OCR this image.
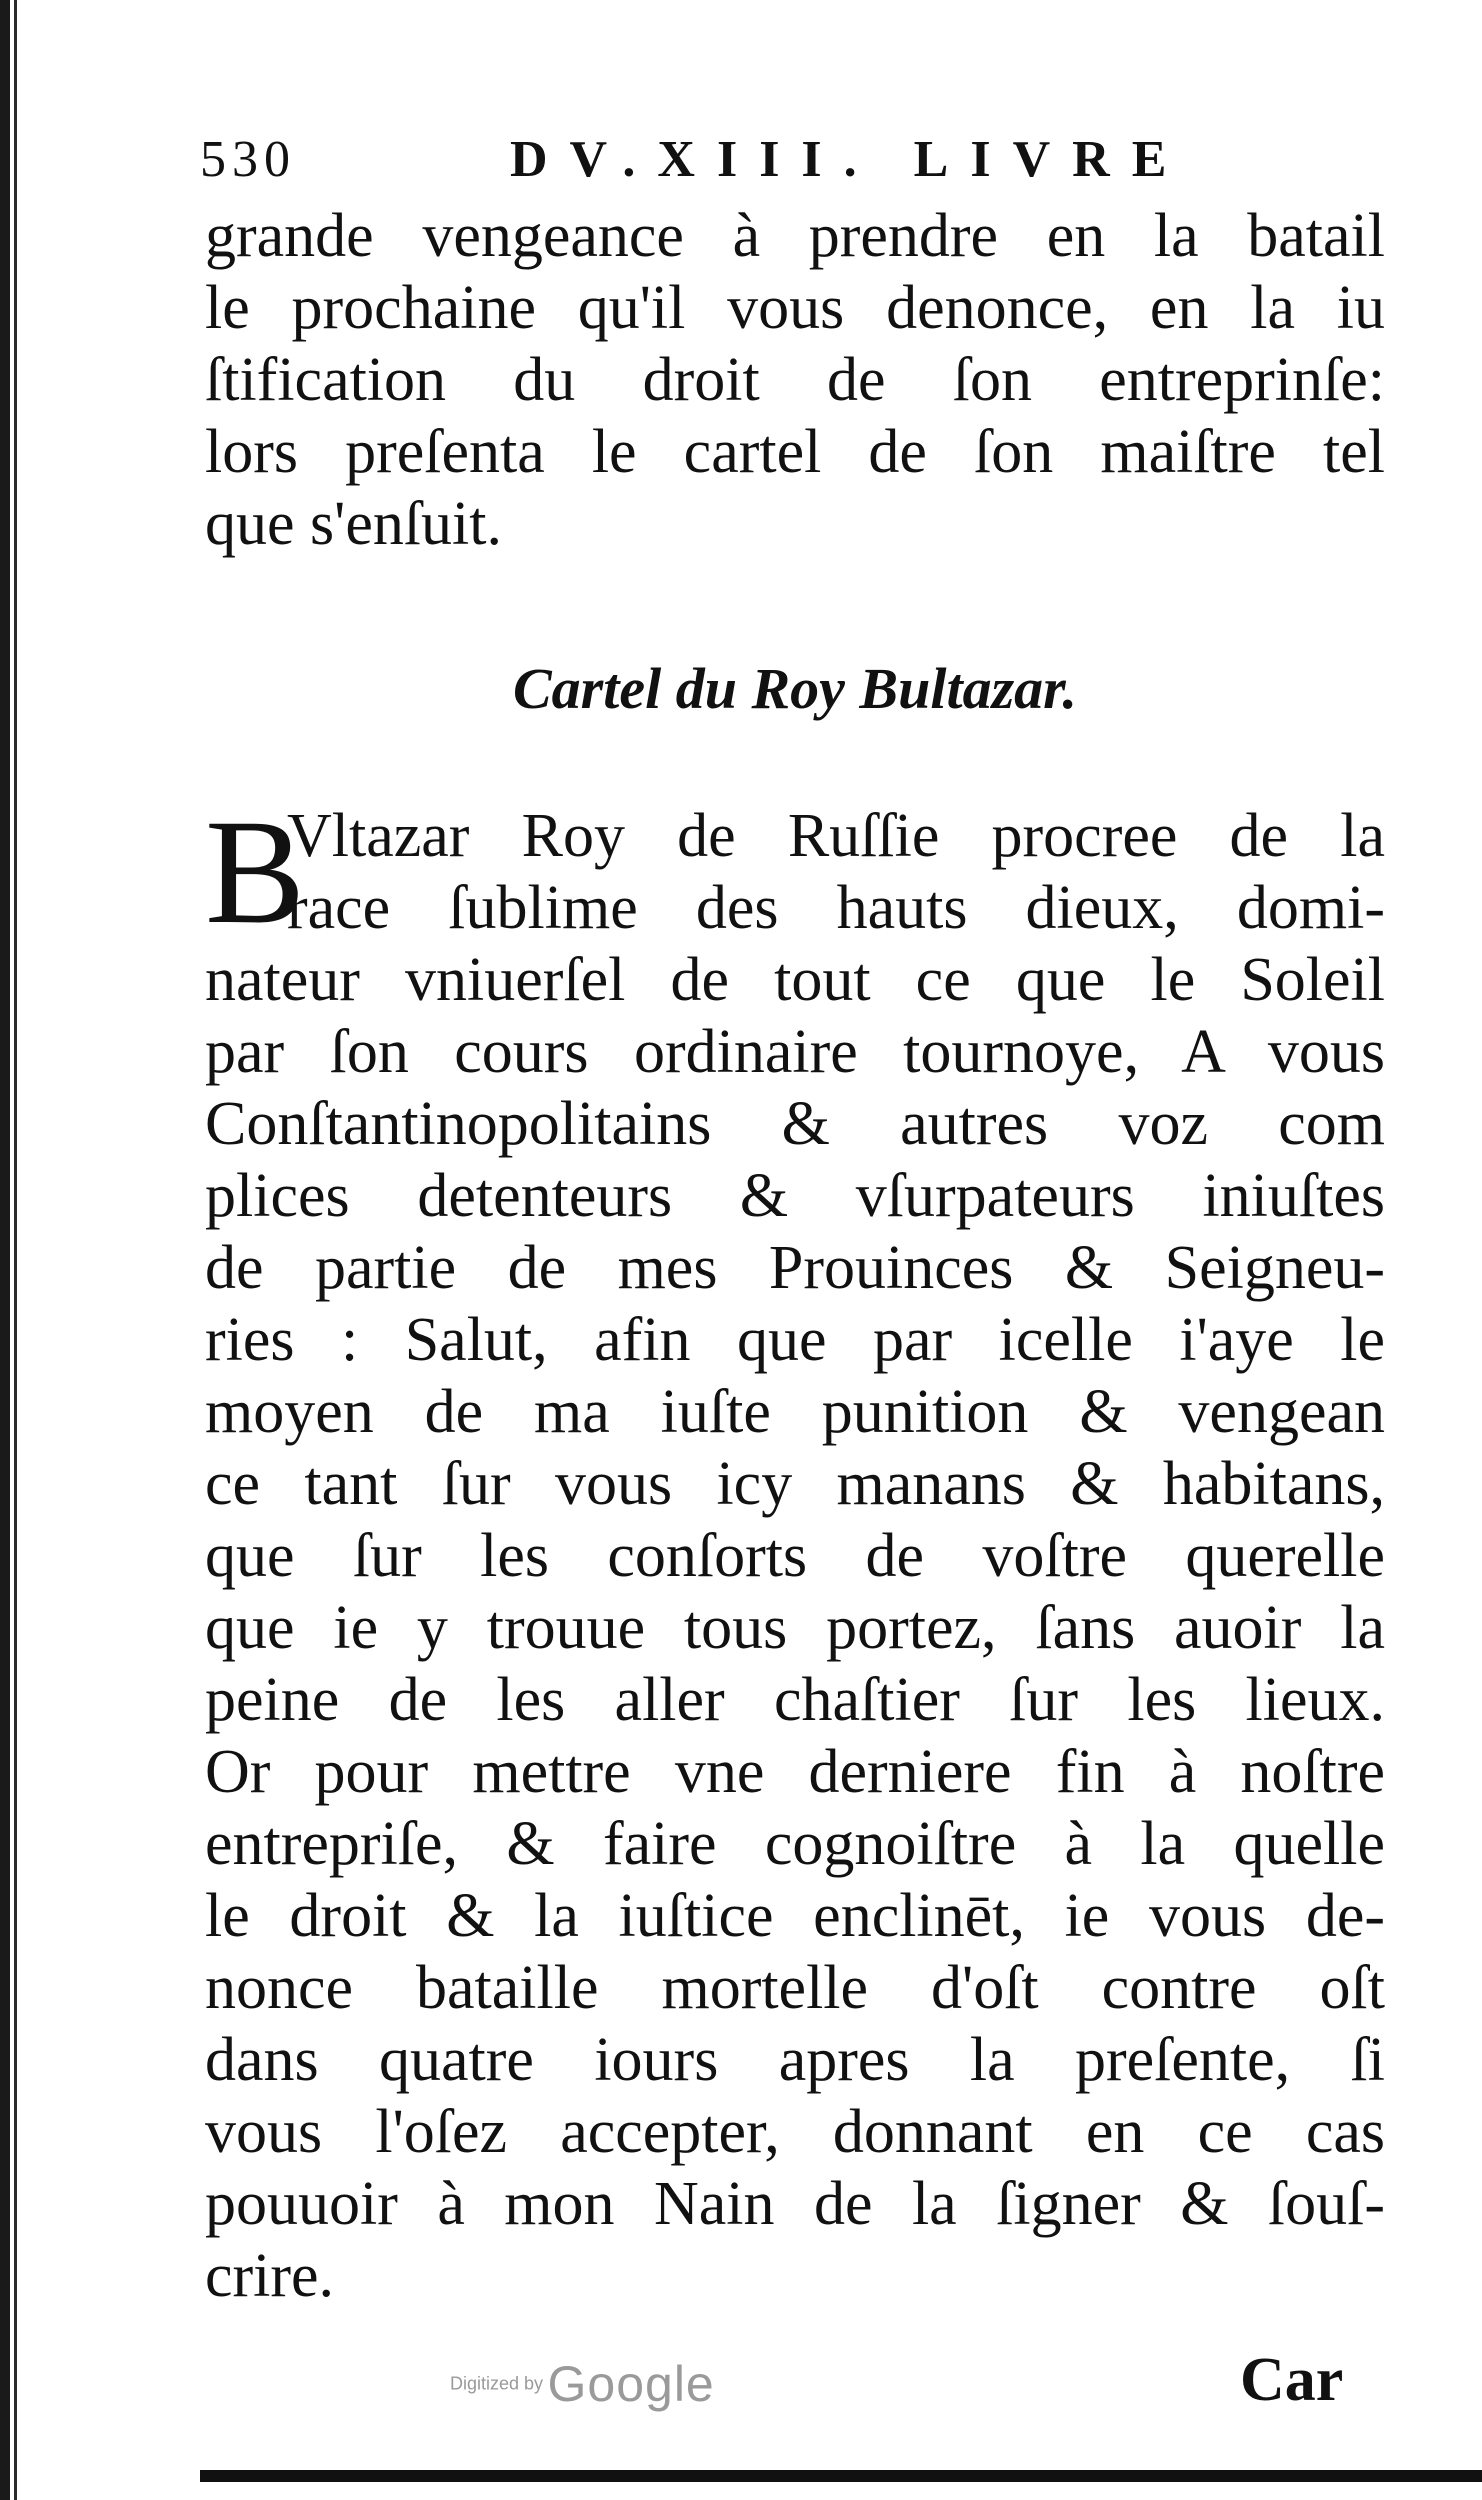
530	DV.XIII. LIVRE
grande vengeance à prendre en la batail
le prochaine qu'il vous denonce, en la iu
ſtification du droit de ſon entreprinſe:
lors preſenta le cartel de ſon maiſtre tel
que s'enſuit.
Cartel du Roy Bultazar.
B
Vltazar Roy de Ruſſie procree de la
race ſublime des hauts dieux, domi-
nateur vniuerſel de tout ce que le Soleil
par ſon cours ordinaire tournoye, A vous
Conſtantinopolitains & autres voz com
plices detenteurs & vſurpateurs iniuſtes
de partie de mes Prouinces & Seigneu-
ries : Salut, afin que par icelle i'aye le
moyen de ma iuſte punition & vengean
ce tant ſur vous icy manans & habitans,
que ſur les conſorts de voſtre querelle
que ie y trouue tous portez, ſans auoir la
peine de les aller chaſtier ſur les lieux.
Or pour mettre vne derniere fin à noſtre
entrepriſe, & faire cognoiſtre à la quelle
le droit & la iuſtice enclinēt, ie vous de-
nonce bataille mortelle d'oſt contre oſt
dans quatre iours apres la preſente, ſi
vous l'oſez accepter, donnant en ce cas
pouuoir à mon Nain de la ſigner & ſouſ-
crire.
Digitized by Google	Car
